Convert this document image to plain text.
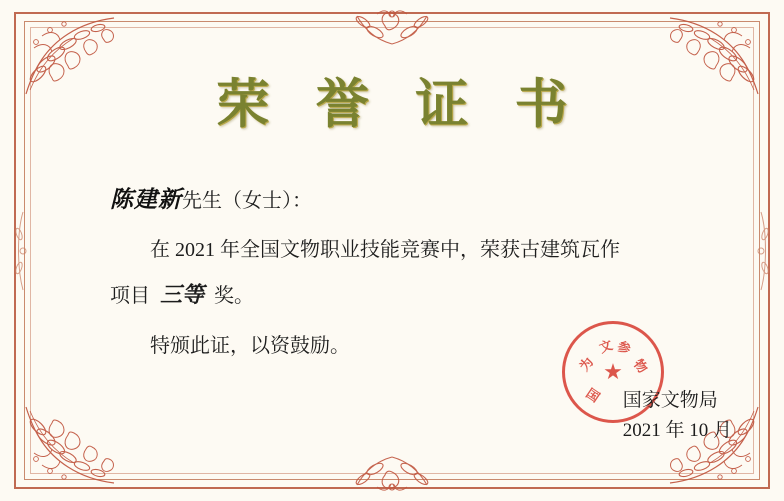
荣 誉 证 书
陈建新先生（女士）：
在 2021 年全国文物职业技能竞赛中，荣获古建筑瓦作
项目 三等 奖。
特颁此证，以资鼓励。
★
为
文 参
物
国 国家文物局
2021 年 10 月
